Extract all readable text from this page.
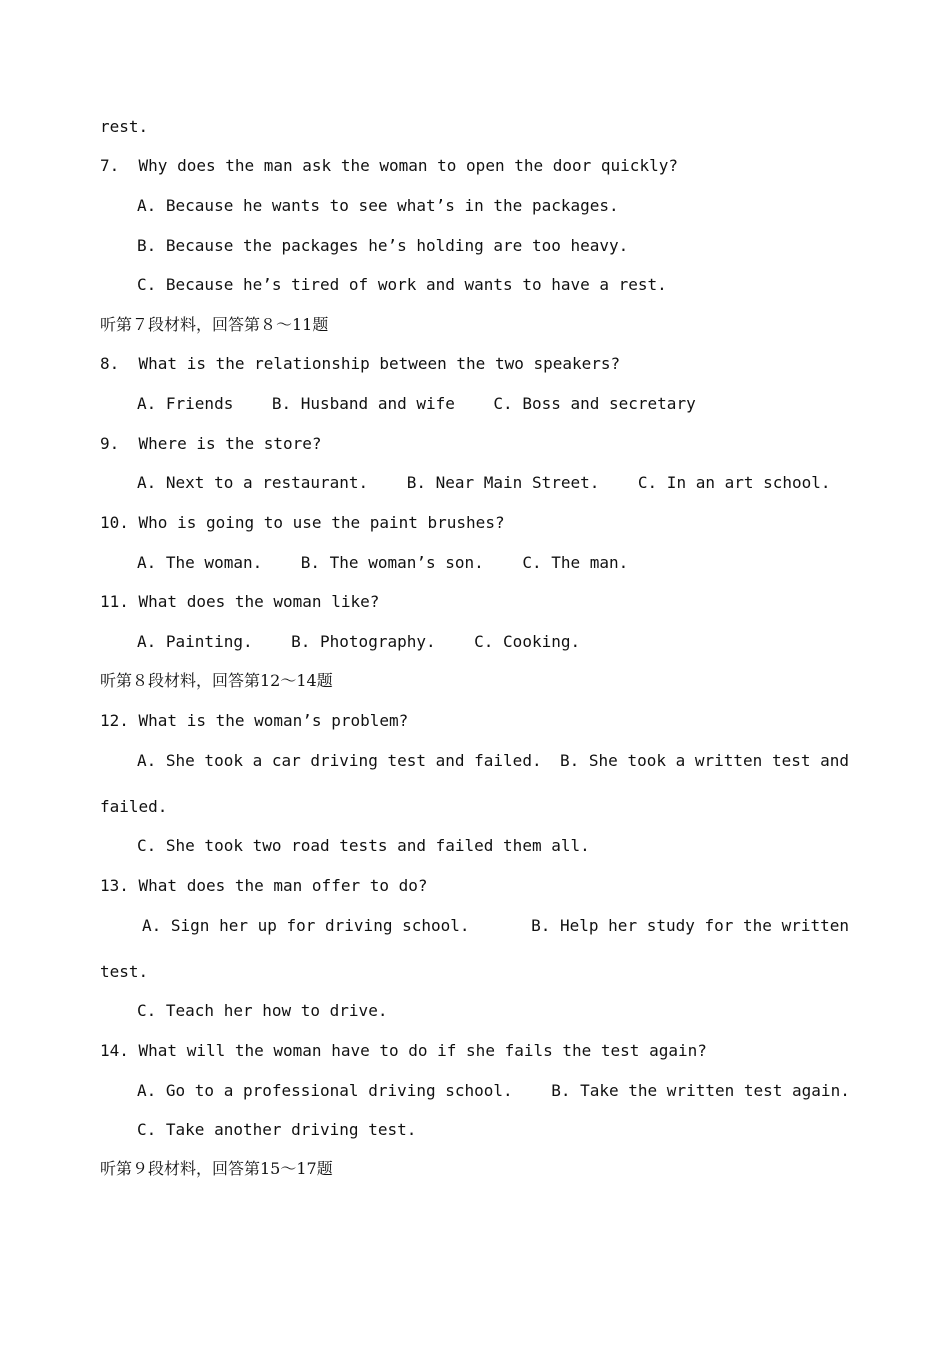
rest.
7.  Why does the man ask the woman to open the door quickly?
A. Because he wants to see what’s in the packages.
B. Because the packages he’s holding are too heavy.
C. Because he’s tired of work and wants to have a rest.
听第７段材料，回答第８～11题
8.  What is the relationship between the two speakers?
A. Friends    B. Husband and wife    C. Boss and secretary
9.  Where is the store?
A. Next to a restaurant.    B. Near Main Street.    C. In an art school.
10. Who is going to use the paint brushes?
A. The woman.    B. The woman’s son.    C. The man.
11. What does the woman like?
A. Painting.    B. Photography.    C. Cooking.
听第８段材料，回答第12～14题
12. What is the woman’s problem?
A. She took a car driving test and failed. B. She took a written test and
failed.
C. She took two road tests and failed them all.
13. What does the man offer to do?
A. Sign her up for driving school.	B. Help her study for the written
test.
C. Teach her how to drive.
14. What will the woman have to do if she fails the test again?
A. Go to a professional driving school.    B. Take the written test again.
C. Take another driving test.
听第９段材料，回答第15～17题
